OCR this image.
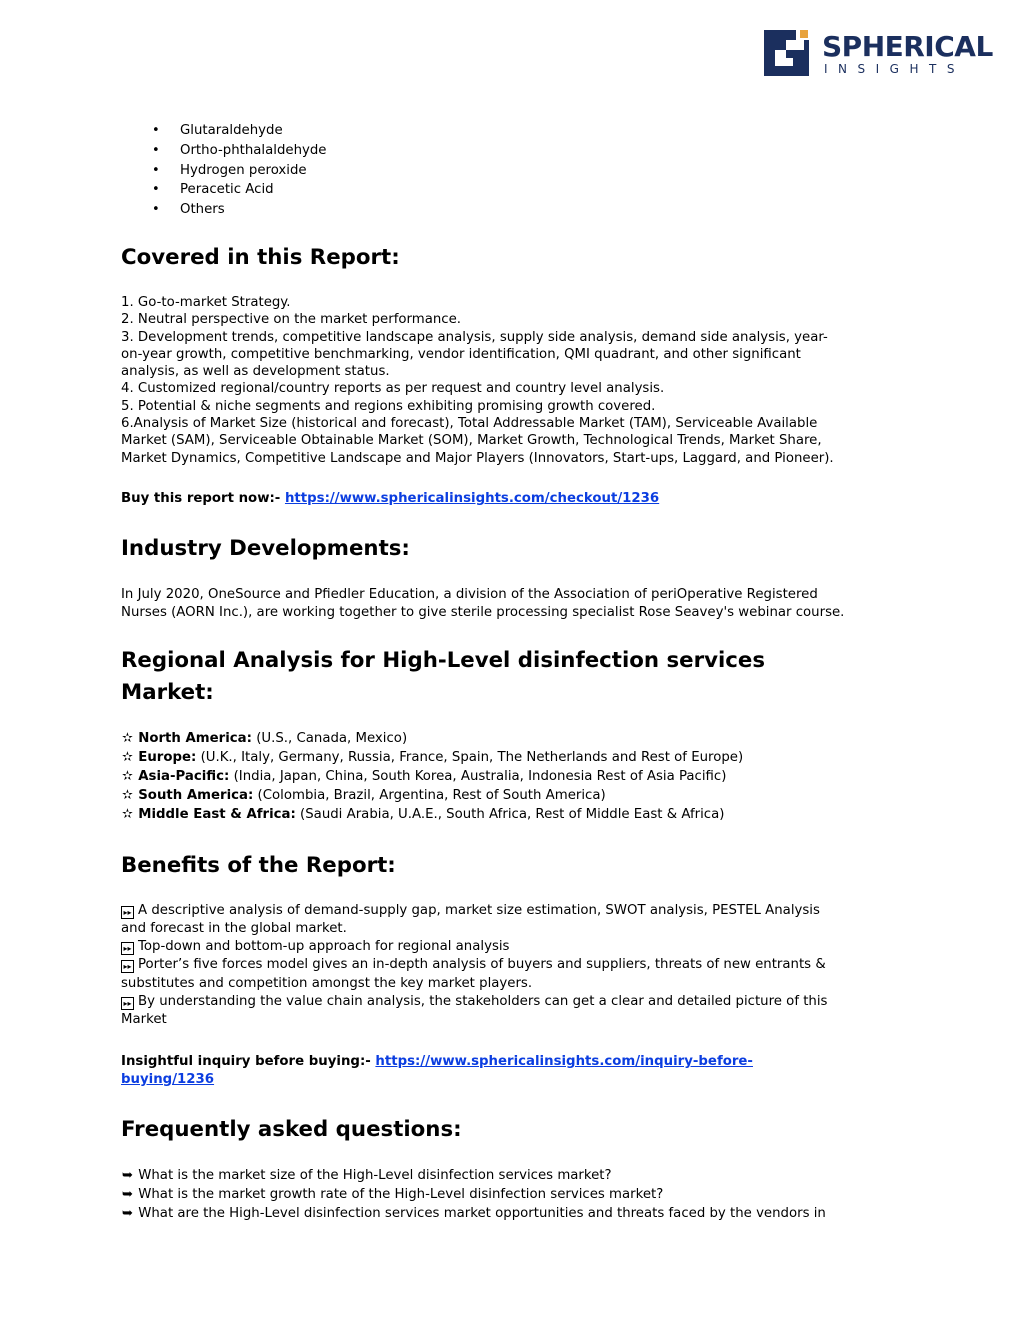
SPHERICAL
INSIGHTS
• Glutaraldehyde
• Ortho-phthalaldehyde
• Hydrogen peroxide
• Peracetic Acid
• Others
Covered in this Report:
1. Go-to-market Strategy.
2. Neutral perspective on the market performance.
3. Development trends, competitive landscape analysis, supply side analysis, demand side analysis, year-
on-year growth, competitive benchmarking, vendor identification, QMI quadrant, and other significant
analysis, as well as development status.
4. Customized regional/country reports as per request and country level analysis.
5. Potential & niche segments and regions exhibiting promising growth covered.
6.Analysis of Market Size (historical and forecast), Total Addressable Market (TAM), Serviceable Available
Market (SAM), Serviceable Obtainable Market (SOM), Market Growth, Technological Trends, Market Share,
Market Dynamics, Competitive Landscape and Major Players (Innovators, Start-ups, Laggard, and Pioneer).
Buy this report now:- https://www.sphericalinsights.com/checkout/1236
Industry Developments:
In July 2020, OneSource and Pfiedler Education, a division of the Association of periOperative Registered
Nurses (AORN Inc.), are working together to give sterile processing specialist Rose Seavey's webinar course.
Regional Analysis for High-Level disinfection services
Market:
✫ North America: (U.S., Canada, Mexico)
✫ Europe: (U.K., Italy, Germany, Russia, France, Spain, The Netherlands and Rest of Europe)
✫ Asia-Pacific: (India, Japan, China, South Korea, Australia, Indonesia Rest of Asia Pacific)
✫ South America: (Colombia, Brazil, Argentina, Rest of South America)
✫ Middle East & Africa: (Saudi Arabia, U.A.E., South Africa, Rest of Middle East & Africa)
Benefits of the Report:
▸▸ A descriptive analysis of demand-supply gap, market size estimation, SWOT analysis, PESTEL Analysis
and forecast in the global market.
▸▸ Top-down and bottom-up approach for regional analysis
▸▸ Porter’s five forces model gives an in-depth analysis of buyers and suppliers, threats of new entrants &
substitutes and competition amongst the key market players.
▸▸ By understanding the value chain analysis, the stakeholders can get a clear and detailed picture of this
Market
Insightful inquiry before buying:- https://www.sphericalinsights.com/inquiry-before-
buying/1236
Frequently asked questions:
➥ What is the market size of the High-Level disinfection services market?
➥ What is the market growth rate of the High-Level disinfection services market?
➥ What are the High-Level disinfection services market opportunities and threats faced by the vendors in
